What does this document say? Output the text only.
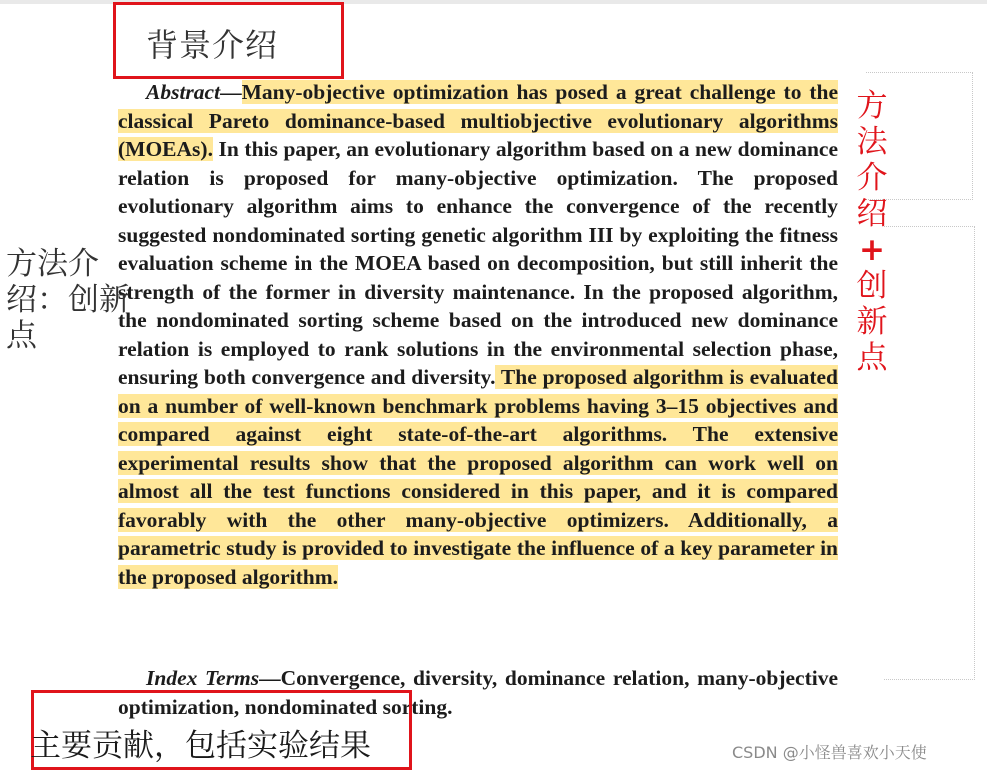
背景介绍
Abstract—Many-objective optimization has posed a great challenge to the classical Pareto dominance-based multiobjective evolutionary algorithms (MOEAs). In this paper, an evolutionary algorithm based on a new dominance relation is proposed for many-objective optimization. The proposed evolutionary algorithm aims to enhance the convergence of the recently suggested nondominated sorting genetic algorithm III by exploiting the fitness evaluation scheme in the MOEA based on decomposition, but still inherit the strength of the former in diversity maintenance. In the proposed algorithm, the nondominated sorting scheme based on the introduced new dominance relation is employed to rank solutions in the environmental selection phase, ensuring both convergence and diversity. The proposed algorithm is evaluated on a number of well-known benchmark problems having 3–15 objectives and compared against eight state-of-the-art algorithms. The extensive experimental results show that the proposed algorithm can work well on almost all the test functions considered in this paper, and it is compared favorably with the other many-objective optimizers. Additionally, a parametric study is provided to investigate the influence of a key parameter in the proposed algorithm.
方法介绍：创新点
方
法
介
绍
+
创
新
点
Index Terms—Convergence, diversity, dominance relation, many-objective optimization, nondominated sorting.
主要贡献，包括实验结果	CSDN @小怪兽喜欢小天使
